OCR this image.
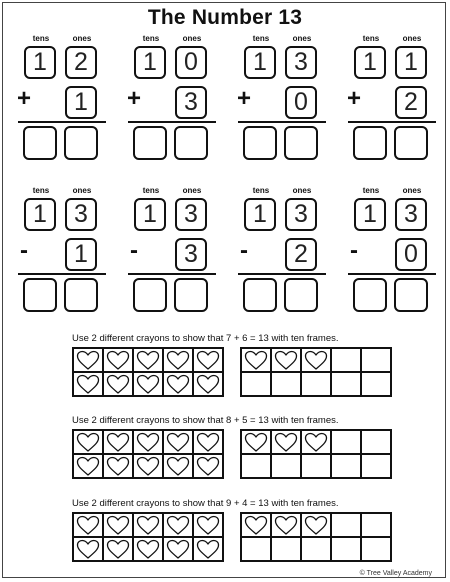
The Number 13
tens	ones
1	2
+	1
tens	ones
1	0
+	3
tens	ones
1	3
+	0
tens	ones
1	1
+	2
tens	ones
1	3
-	1
tens	ones
1	3
-	3
tens	ones
1	3
-	2
tens	ones
1	3
-	0
Use 2 different crayons to show that 7 + 6 = 13 with ten frames.
Use 2 different crayons to show that 8 + 5 = 13 with ten frames.
Use 2 different crayons to show that 9 + 4 = 13 with ten frames.
© Tree Valley Academy
